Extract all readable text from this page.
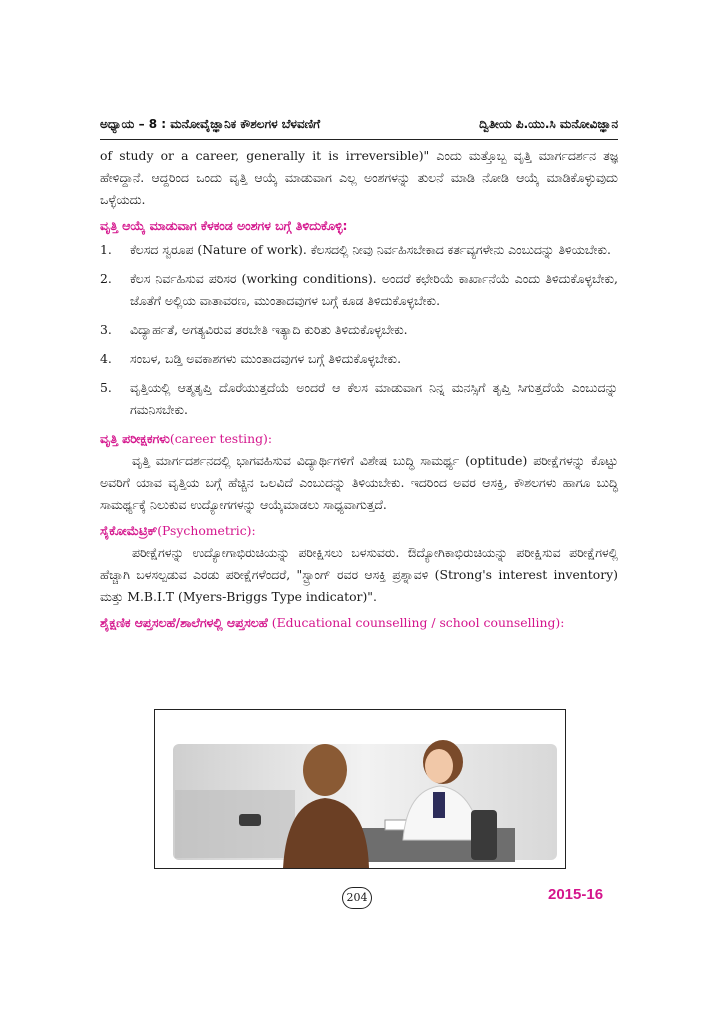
ಅಧ್ಯಾಯ – 8 : ಮನೋವೈಜ್ಞಾನಿಕ ಕೌಶಲಗಳ ಬೆಳವಣಿಗೆ	ದ್ವಿತೀಯ ಪಿ.ಯು.ಸಿ ಮನೋವಿಜ್ಞಾನ

of study or a career, generally it is irreversible)" ಎಂದು ಮತ್ತೊಬ್ಬ ವೃತ್ತಿ ಮಾರ್ಗದರ್ಶನ ತಜ್ಞ ಹೇಳಿದ್ದಾನೆ. ಆದ್ದರಿಂದ ಒಂದು ವೃತ್ತಿ ಆಯ್ಕೆ ಮಾಡುವಾಗ ಎಲ್ಲ ಅಂಶಗಳನ್ನು ತುಲನೆ ಮಾಡಿ ನೋಡಿ ಆಯ್ಕೆ ಮಾಡಿಕೊಳ್ಳುವುದು ಒಳ್ಳೆಯದು.

ವೃತ್ತಿ ಆಯ್ಕೆ ಮಾಡುವಾಗ ಕೆಳಕಂಡ ಅಂಶಗಳ ಬಗ್ಗೆ ತಿಳಿದುಕೊಳ್ಳಿ:
1.	ಕೆಲಸದ ಸ್ವರೂಪ (Nature of work). ಕೆಲಸದಲ್ಲಿ ನೀವು ನಿರ್ವಹಿಸಬೇಕಾದ ಕರ್ತವ್ಯಗಳೇನು ಎಂಬುದನ್ನು ತಿಳಿಯಬೇಕು.
2.	ಕೆಲಸ ನಿರ್ವಹಿಸುವ ಪರಿಸರ (working conditions). ಅಂದರೆ ಕಛೇರಿಯೆ ಕಾರ್ಖಾನೆಯೆ ಎಂದು ತಿಳಿದುಕೊಳ್ಳಬೇಕು, ಜೊತೆಗೆ ಅಲ್ಲಿಯ ವಾತಾವರಣ, ಮುಂತಾದವುಗಳ ಬಗ್ಗೆ ಕೂಡ ತಿಳಿದುಕೊಳ್ಳಬೇಕು.
3.	ವಿದ್ಯಾರ್ಹತೆ, ಅಗತ್ಯವಿರುವ ತರಬೇತಿ ಇತ್ಯಾದಿ ಕುರಿತು ತಿಳಿದುಕೊಳ್ಳಬೇಕು.
4.	ಸಂಬಳ, ಬಡ್ತಿ ಅವಕಾಶಗಳು ಮುಂತಾದವುಗಳ ಬಗ್ಗೆ ತಿಳಿದುಕೊಳ್ಳಬೇಕು.
5.	ವೃತ್ತಿಯಲ್ಲಿ ಆತ್ಮತೃಪ್ತಿ ದೊರೆಯುತ್ತದೆಯೆ ಅಂದರೆ ಆ ಕೆಲಸ ಮಾಡುವಾಗ ನಿನ್ನ ಮನಸ್ಸಿಗೆ ತೃಪ್ತಿ ಸಿಗುತ್ತದೆಯೆ ಎಂಬುದನ್ನು ಗಮನಿಸಬೇಕು.
ವೃತ್ತಿ ಪರೀಕ್ಷಕಗಳು(career testing):

ವೃತ್ತಿ ಮಾರ್ಗದರ್ಶನದಲ್ಲಿ ಭಾಗವಹಿಸುವ ವಿದ್ಯಾರ್ಥಿಗಳಿಗೆ ವಿಶೇಷ ಬುದ್ಧಿ ಸಾಮರ್ಥ್ಯ (optitude) ಪರೀಕ್ಷೆಗಳನ್ನು ಕೊಟ್ಟು ಅವರಿಗೆ ಯಾವ ವೃತ್ತಿಯ ಬಗ್ಗೆ ಹೆಚ್ಚಿನ ಒಲವಿದೆ ಎಂಬುದನ್ನು ತಿಳಿಯಬೇಕು. ಇದರಿಂದ ಅವರ ಆಸಕ್ತಿ, ಕೌಶಲಗಳು ಹಾಗೂ ಬುದ್ಧಿ ಸಾಮರ್ಥ್ಯಕ್ಕೆ ನಿಲುಕುವ ಉದ್ಯೋಗಗಳನ್ನು ಆಯ್ಕೆಮಾಡಲು ಸಾಧ್ಯವಾಗುತ್ತದೆ.

ಸೈಕೋಮೆಟ್ರಿಕ್(Psychometric):

ಪರೀಕ್ಷೆಗಳನ್ನು ಉದ್ಯೋಗಾಭಿರುಚಿಯನ್ನು ಪರೀಕ್ಷಿಸಲು ಬಳಸುವರು. ಔದ್ಯೋಗಿಕಾಭಿರುಚಿಯನ್ನು ಪರೀಕ್ಷಿಸುವ ಪರೀಕ್ಷೆಗಳಲ್ಲಿ ಹೆಚ್ಚಾಗಿ ಬಳಸಲ್ಪಡುವ ಎರಡು ಪರೀಕ್ಷೆಗಳೆಂದರೆ, "ಸ್ಟ್ರಾಂಗ್ ರವರ ಆಸಕ್ತಿ ಪ್ರಶ್ನಾವಳಿ (Strong's interest inventory) ಮತ್ತು M.B.I.T (Myers-Briggs Type indicator)".

ಶೈಕ್ಷಣಿಕ ಆಪ್ತಸಲಹೆ/ಶಾಲೆಗಳಲ್ಲಿ ಆಪ್ತಸಲಹೆ (Educational counselling / school counselling):
204	2015-16
